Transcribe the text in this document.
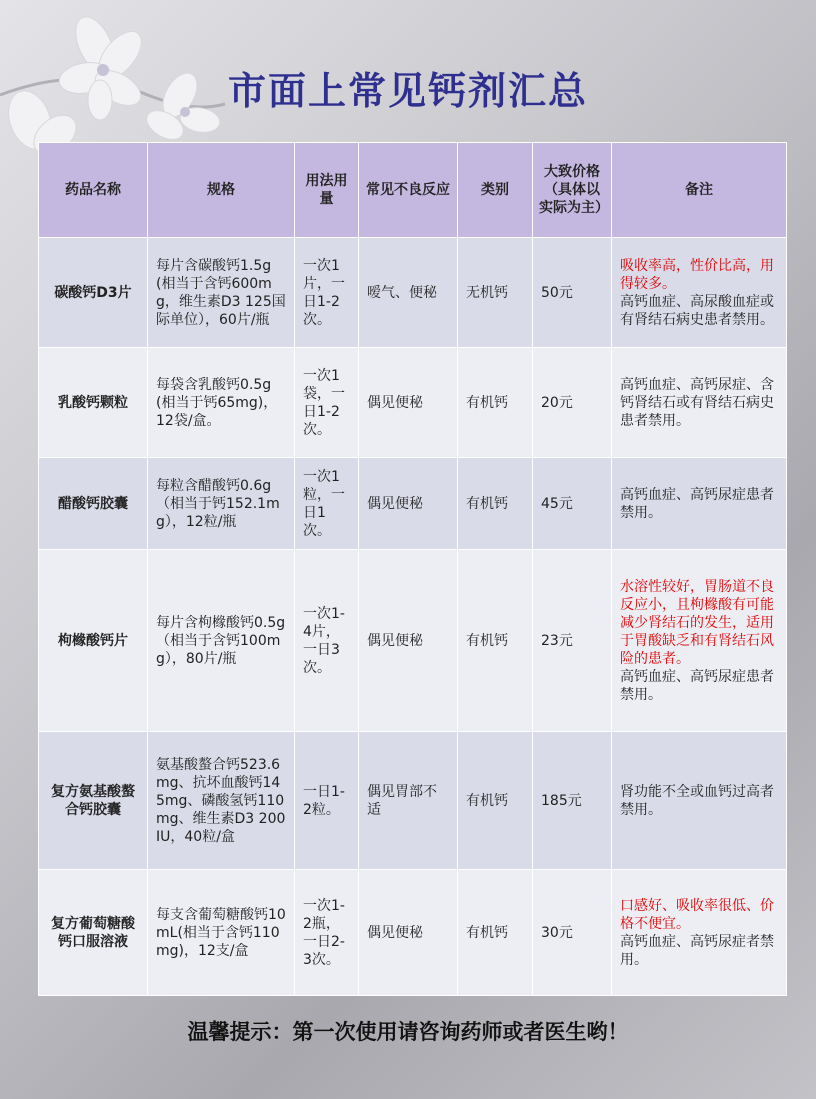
市面上常见钙剂汇总
药品名称	规格	用法用量	常见不良反应	类别	大致价格（具体以实际为主）	备注
碳酸钙D3片	每片含碳酸钙1.5g(相当于含钙600mg，维生素D3 125国际单位），60片/瓶	一次1片，一日1-2次。	嗳气、便秘	无机钙	50元	吸收率高，性价比高，用得较多。
高钙血症、高尿酸血症或有肾结石病史患者禁用。
乳酸钙颗粒	每袋含乳酸钙0.5g(相当于钙65mg)，12袋/盒。	一次1袋，一日1-2次。	偶见便秘	有机钙	20元	高钙血症、高钙尿症、含钙肾结石或有肾结石病史患者禁用。
醋酸钙胶囊	每粒含醋酸钙0.6g（相当于钙152.1mg），12粒/瓶	一次1粒，一日1次。	偶见便秘	有机钙	45元	高钙血症、高钙尿症患者禁用。
枸橼酸钙片	每片含枸橼酸钙0.5g（相当于含钙100mg），80片/瓶	一次1-4片，一日3次。	偶见便秘	有机钙	23元	水溶性较好，胃肠道不良反应小，且枸橼酸有可能减少肾结石的发生，适用于胃酸缺乏和有肾结石风险的患者。
高钙血症、高钙尿症患者禁用。
复方氨基酸螯合钙胶囊	氨基酸螯合钙523.6mg、抗坏血酸钙145mg、磷酸氢钙110mg、维生素D3 200IU，40粒/盒	一日1-2粒。	偶见胃部不适	有机钙	185元	肾功能不全或血钙过高者禁用。
复方葡萄糖酸钙口服溶液	每支含葡萄糖酸钙10mL(相当于含钙110mg)，12支/盒	一次1-2瓶，一日2-3次。	偶见便秘	有机钙	30元	口感好、吸收率很低、价格不便宜。
高钙血症、高钙尿症者禁用。
温馨提示：第一次使用请咨询药师或者医生哟！
